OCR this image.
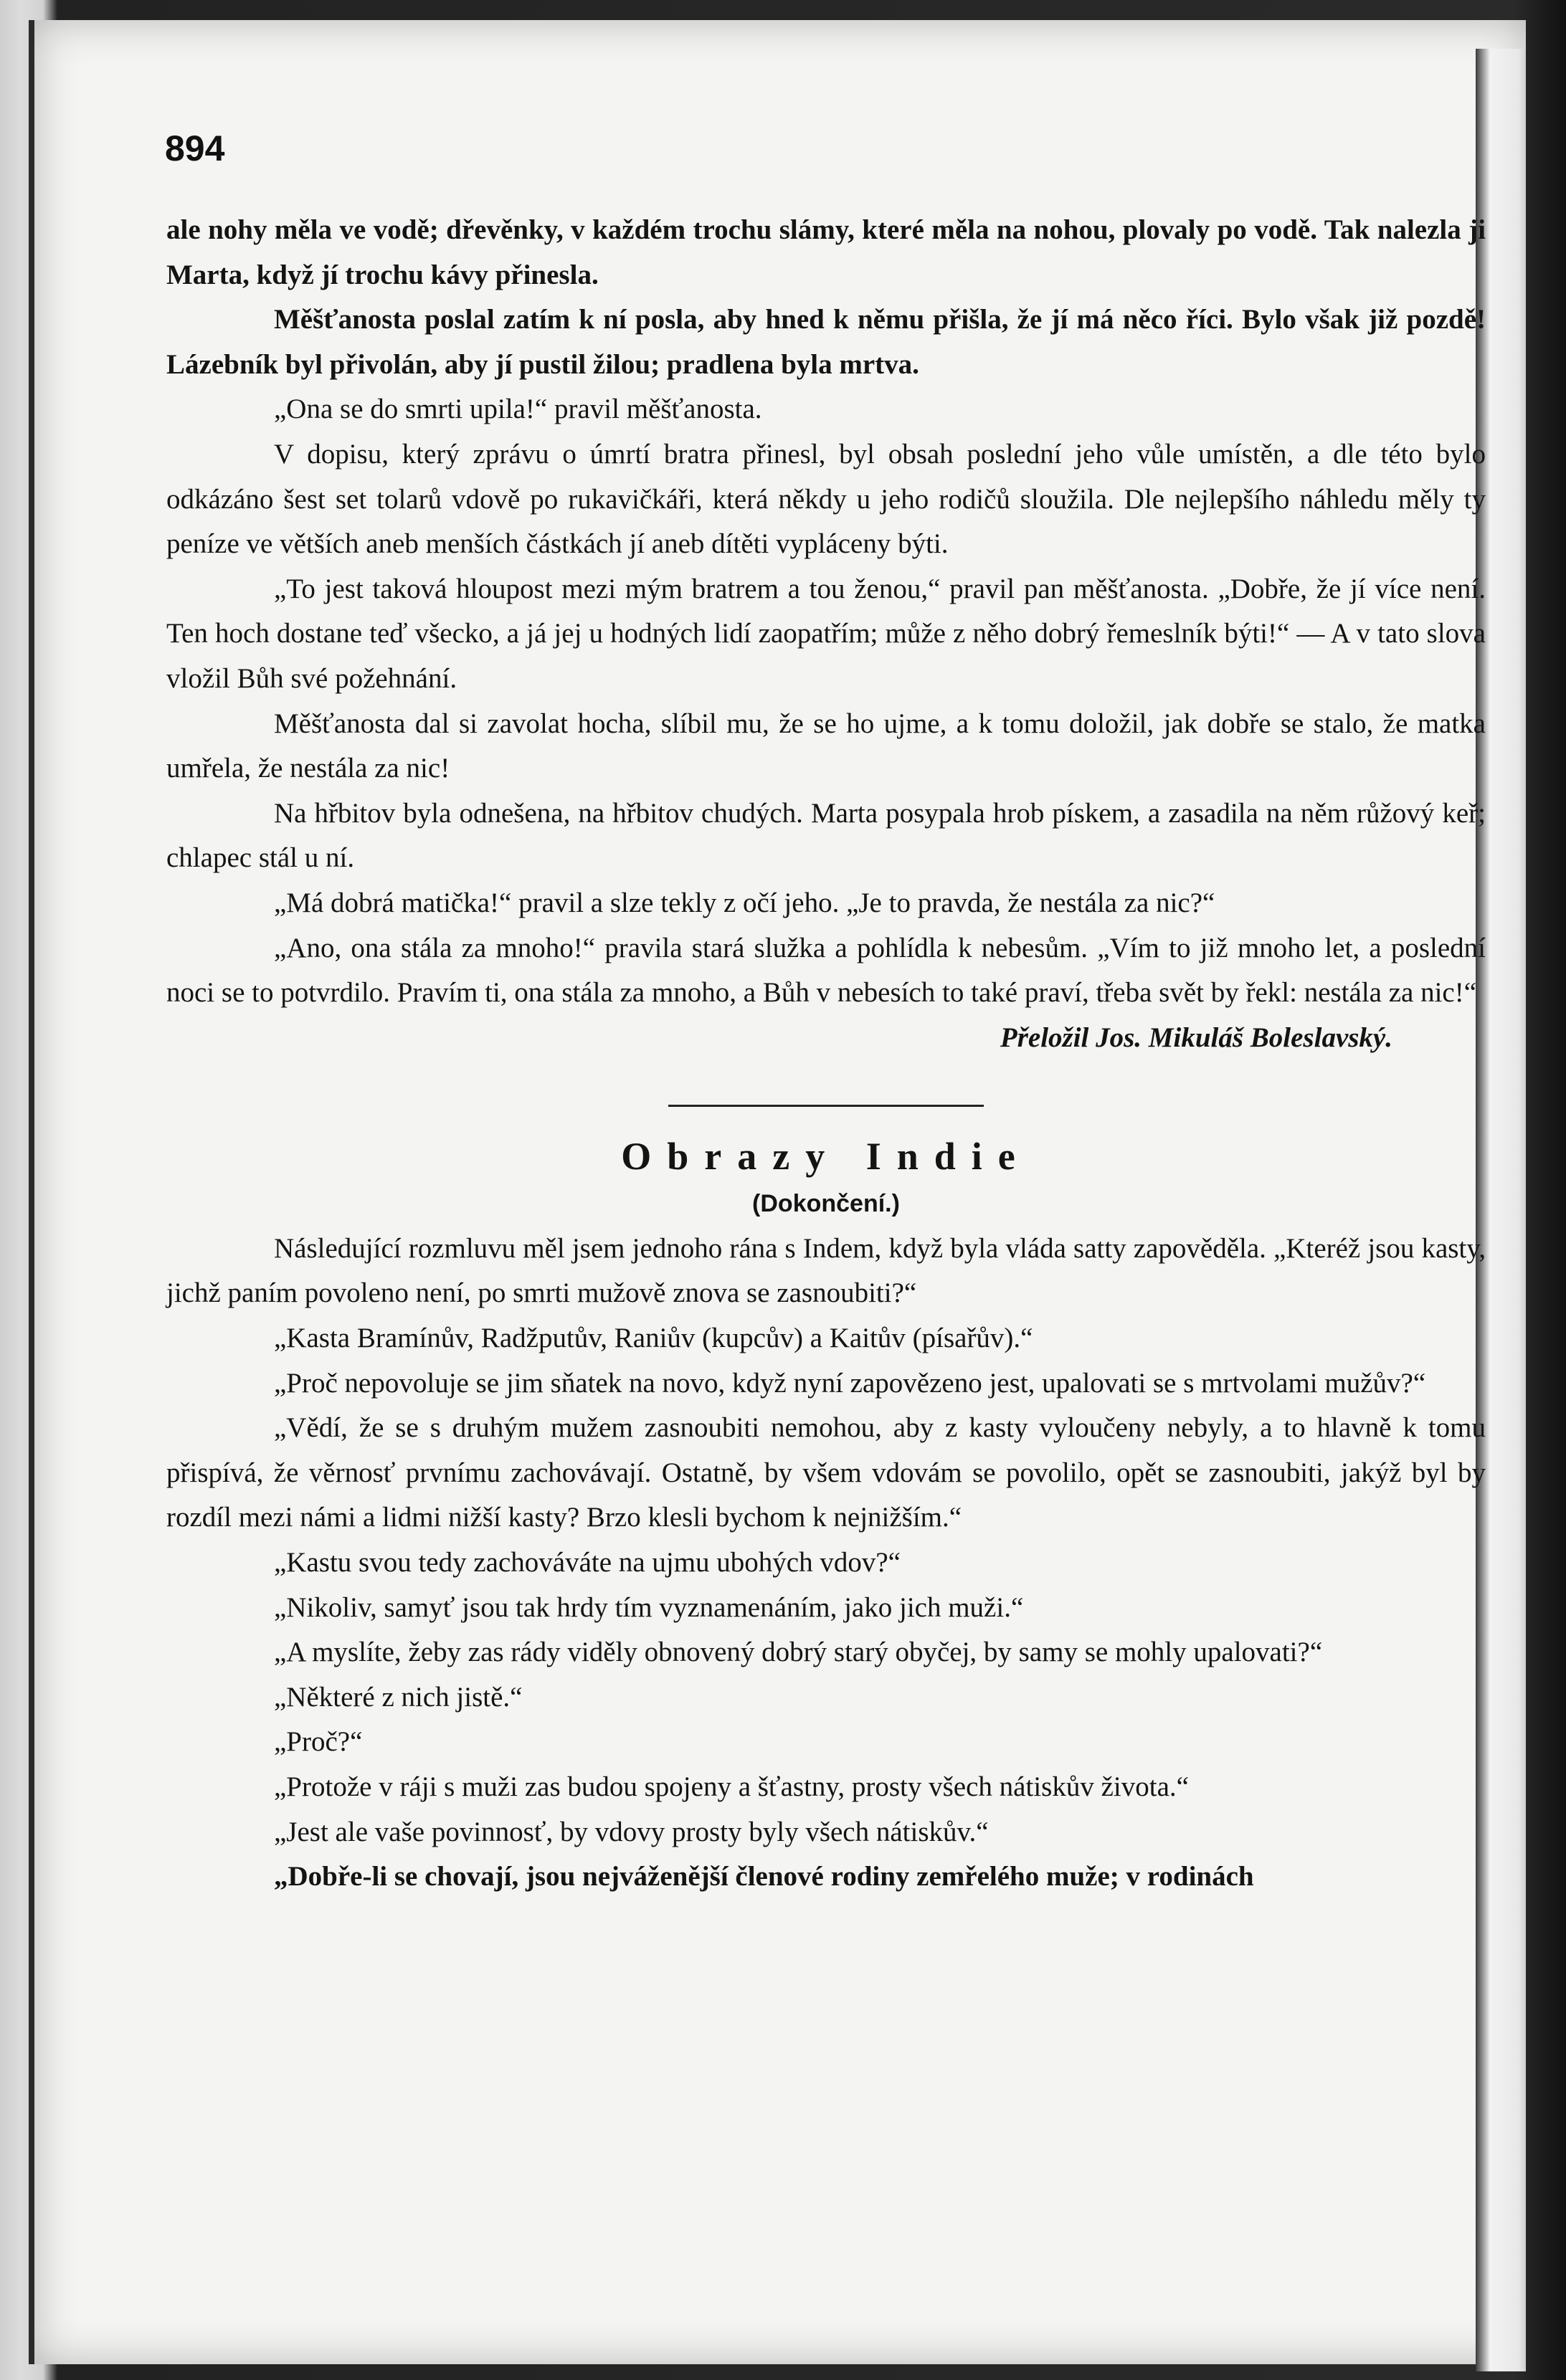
894

ale nohy měla ve vodě; dřevěnky, v každém trochu slámy, které měla na nohou, plovaly po vodě. Tak nalezla ji Marta, když jí trochu kávy přinesla.

Měšťanosta poslal zatím k ní posla, aby hned k němu přišla, že jí má něco říci. Bylo však již pozdě! Lázebník byl přivolán, aby jí pustil žilou; pradlena byla mrtva.

„Ona se do smrti upila!“ pravil měšťanosta.

V dopisu, který zprávu o úmrtí bratra přinesl, byl obsah poslední jeho vůle umístěn, a dle této bylo odkázáno šest set tolarů vdově po rukavičkáři, která někdy u jeho rodičů sloužila. Dle nejlepšího náhledu měly ty peníze ve větších aneb menších částkách jí aneb dítěti vypláceny býti.

„To jest taková hloupost mezi mým bratrem a tou ženou,“ pravil pan měšťanosta. „Dobře, že jí více není. Ten hoch dostane teď všecko, a já jej u hodných lidí zaopatřím; může z něho dobrý řemeslník býti!“ — A v tato slova vložil Bůh své požehnání.

Měšťanosta dal si zavolat hocha, slíbil mu, že se ho ujme, a k tomu doložil, jak dobře se stalo, že matka umřela, že nestála za nic!

Na hřbitov byla odnešena, na hřbitov chudých. Marta posypala hrob pískem, a zasadila na něm růžový keř; chlapec stál u ní.

„Má dobrá matička!“ pravil a slze tekly z očí jeho. „Je to pravda, že nestála za nic?“

„Ano, ona stála za mnoho!“ pravila stará služka a pohlídla k nebesům. „Vím to již mnoho let, a poslední noci se to potvrdilo. Pravím ti, ona stála za mnoho, a Bůh v nebesích to také praví, třeba svět by řekl: nestála za nic!“

Přeložil Jos. Mikuláš Boleslavský.

Obrazy Indie

(Dokončení.)

Následující rozmluvu měl jsem jednoho rána s Indem, když byla vláda satty zapověděla. „Kteréž jsou kasty, jichž paním povoleno není, po smrti mužově znova se zasnoubiti?“

„Kasta Bramínův, Radžputův, Raniův (kupcův) a Kaitův (písařův).“

„Proč nepovoluje se jim sňatek na novo, když nyní zapovězeno jest, upalovati se s mrtvolami mužův?“

„Vědí, že se s druhým mužem zasnoubiti nemohou, aby z kasty vyloučeny nebyly, a to hlavně k tomu přispívá, že věrnosť prvnímu zachovávají. Ostatně, by všem vdovám se povolilo, opět se zasnoubiti, jakýž byl by rozdíl mezi námi a lidmi nižší kasty? Brzo klesli bychom k nejnižším.“

„Kastu svou tedy zachováváte na ujmu ubohých vdov?“

„Nikoliv, samyť jsou tak hrdy tím vyznamenáním, jako jich muži.“

„A myslíte, žeby zas rády viděly obnovený dobrý starý obyčej, by samy se mohly upalovati?“

„Některé z nich jistě.“

„Proč?“

„Protože v ráji s muži zas budou spojeny a šťastny, prosty všech nátiskův života.“

„Jest ale vaše povinnosť, by vdovy prosty byly všech nátiskův.“

„Dobře-li se chovají, jsou nejváženější členové rodiny zemřelého muže; v rodinách
